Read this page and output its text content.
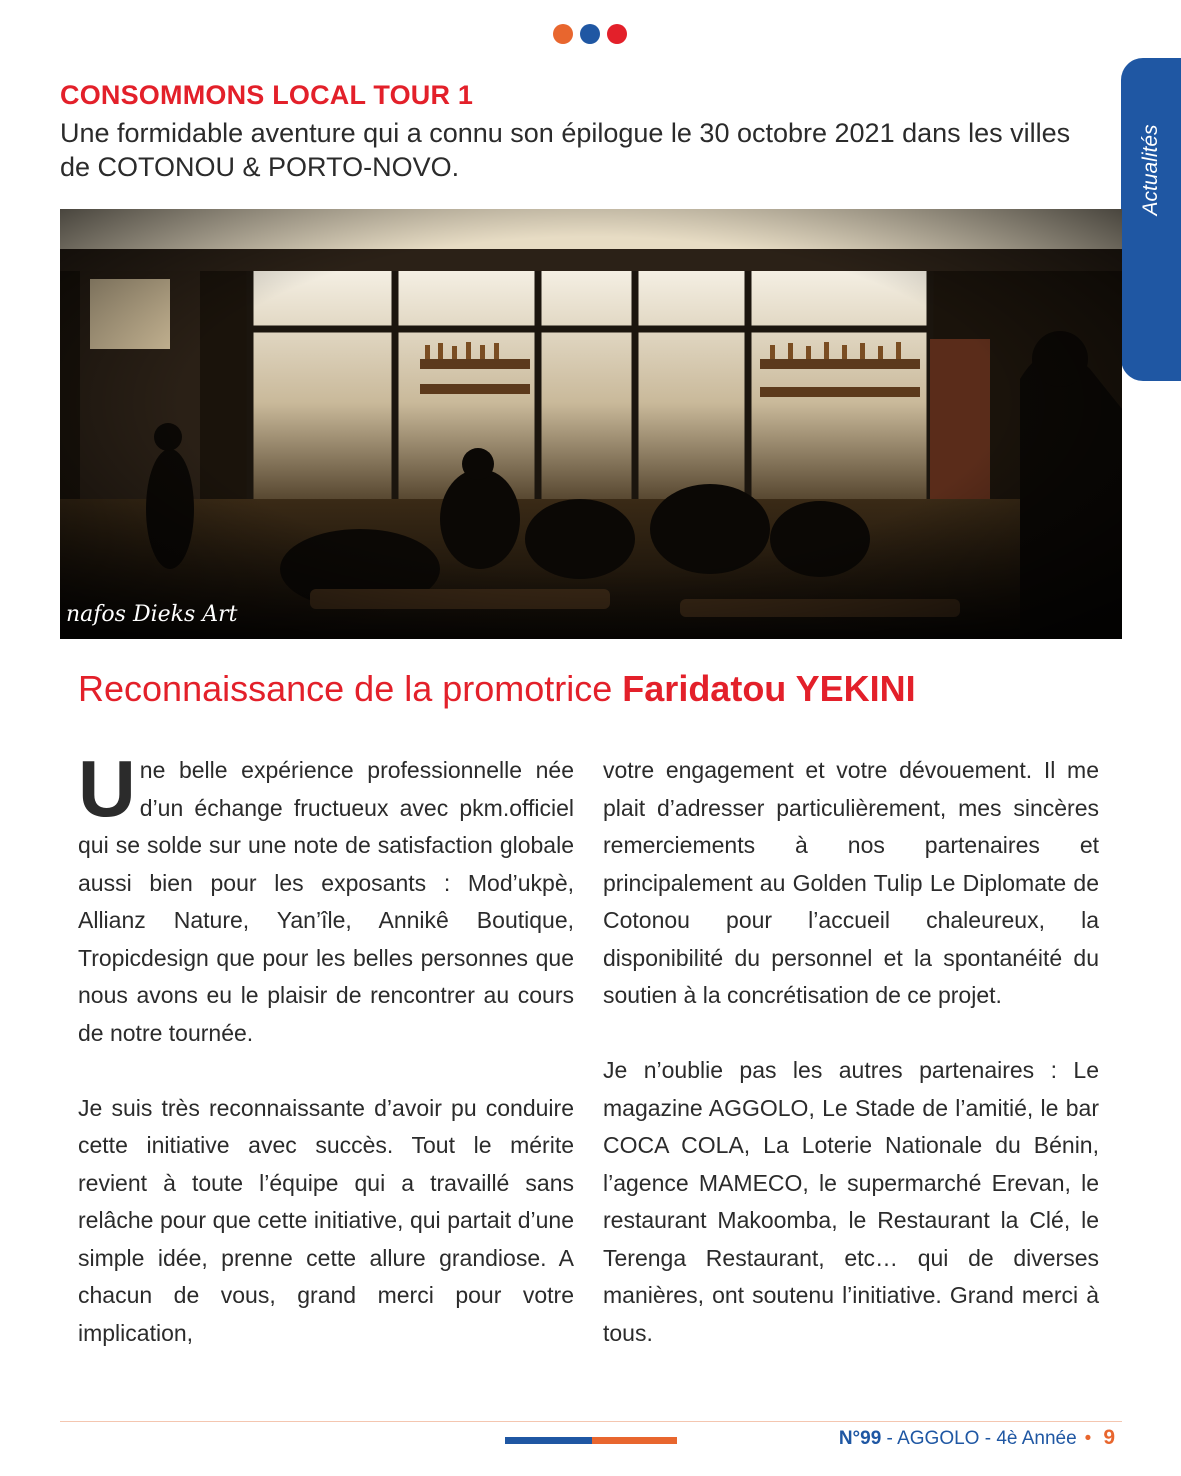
CONSOMMONS LOCAL TOUR 1

Une formidable aventure qui a connu son épilogue le 30 octobre 2021 dans les villes de COTONOU & PORTO-NOVO.	Actualités
nafos Dieks Art
Reconnaissance de la promotrice Faridatou YEKINI

Une belle expérience professionnelle née d’un échange fructueux avec pkm.officiel qui se solde sur une note de satisfaction globale aussi bien pour les exposants : Mod’ukpè, Allianz Nature, Yan’île, Annikê Boutique, Tropicdesign que pour les belles personnes que nous avons eu le plaisir de rencontrer au cours de notre tournée.

Je suis très reconnaissante d’avoir pu conduire cette initiative avec succès. Tout le mérite revient à toute l’équipe qui a travaillé sans relâche pour que cette initiative, qui partait d’une simple idée, prenne cette allure grandiose. A chacun de vous, grand merci pour votre implication,

votre engagement et votre dévouement. Il me plait d’adresser particulièrement, mes sincères remerciements à nos partenaires et principalement au Golden Tulip Le Diplomate de Cotonou pour l’accueil chaleureux, la disponibilité du personnel et la spontanéité du soutien à la concrétisation de ce projet.

Je n’oublie pas les autres partenaires : Le magazine AGGOLO, Le Stade de l’amitié, le bar COCA COLA, La Loterie Nationale du Bénin, l’agence MAMECO, le supermarché Erevan, le restaurant Makoomba, le Restaurant la Clé, le Terenga Restaurant, etc… qui de diverses manières, ont soutenu l’initiative. Grand merci à tous.

N°99 - AGGOLO - 4è Année • 9
